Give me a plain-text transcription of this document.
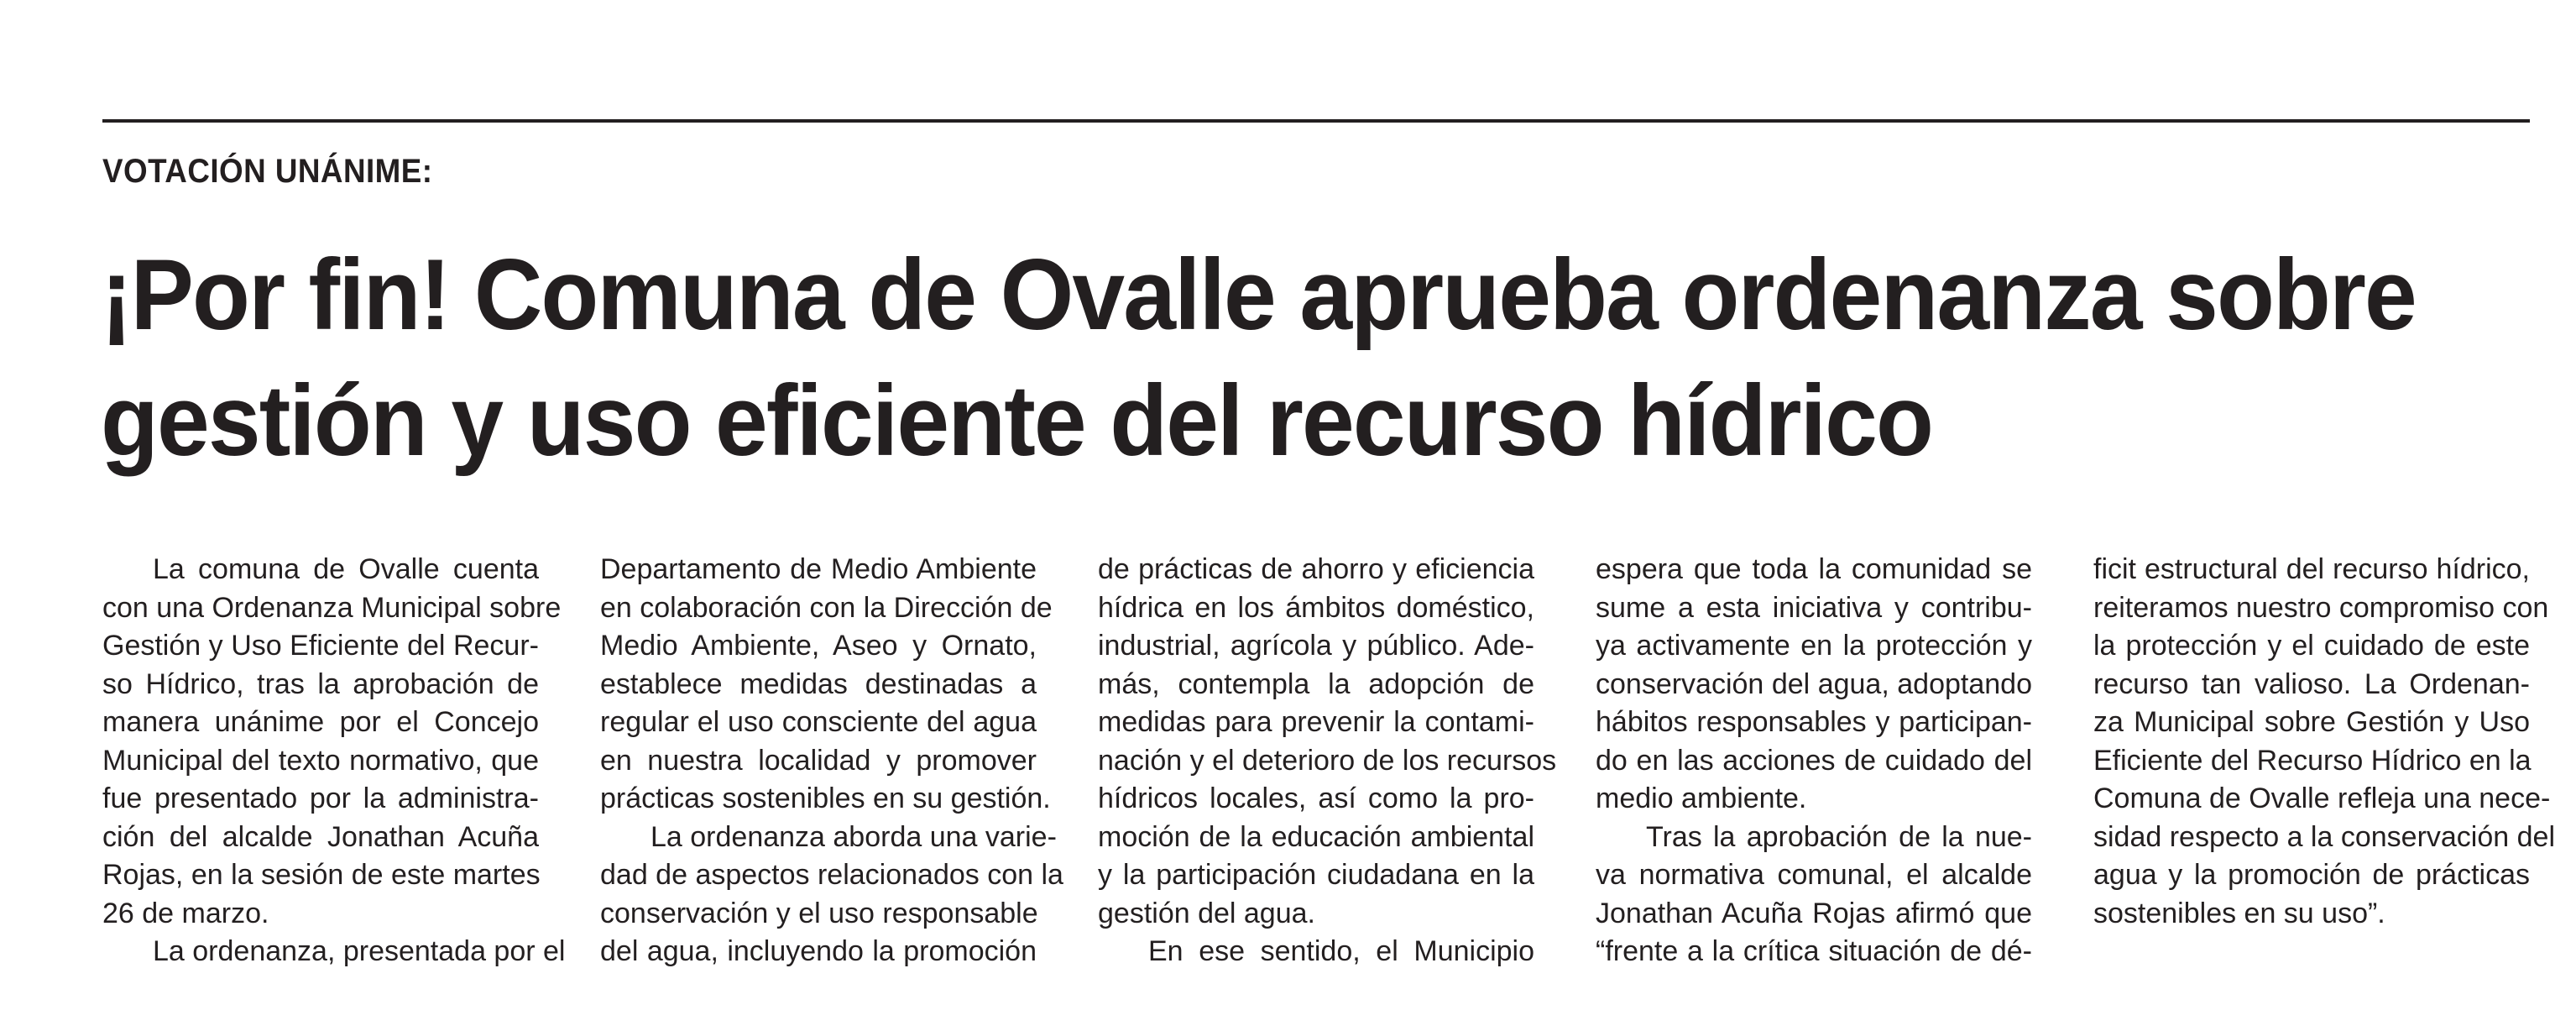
VOTACIÓN UNÁNIME:
¡Por fin! Comuna de Ovalle aprueba ordenanza sobre
gestión y uso eficiente del recurso hídrico
La comuna de Ovalle cuenta
con una Ordenanza Municipal sobre
Gestión y Uso Eficiente del Recur-
so Hídrico, tras la aprobación de
manera unánime por el Concejo
Municipal del texto normativo, que
fue presentado por la administra-
ción del alcalde Jonathan Acuña
Rojas, en la sesión de este martes
26 de marzo.
La ordenanza, presentada por el
Departamento de Medio Ambiente
en colaboración con la Dirección de
Medio Ambiente, Aseo y Ornato,
establece medidas destinadas a
regular el uso consciente del agua
en nuestra localidad y promover
prácticas sostenibles en su gestión.
La ordenanza aborda una varie-
dad de aspectos relacionados con la
conservación y el uso responsable
del agua, incluyendo la promoción
de prácticas de ahorro y eficiencia
hídrica en los ámbitos doméstico,
industrial, agrícola y público. Ade-
más, contempla la adopción de
medidas para prevenir la contami-
nación y el deterioro de los recursos
hídricos locales, así como la pro-
moción de la educación ambiental
y la participación ciudadana en la
gestión del agua.
En ese sentido, el Municipio
espera que toda la comunidad se
sume a esta iniciativa y contribu-
ya activamente en la protección y
conservación del agua, adoptando
hábitos responsables y participan-
do en las acciones de cuidado del
medio ambiente.
Tras la aprobación de la nue-
va normativa comunal, el alcalde
Jonathan Acuña Rojas afirmó que
“frente a la crítica situación de dé-
ficit estructural del recurso hídrico,
reiteramos nuestro compromiso con
la protección y el cuidado de este
recurso tan valioso. La Ordenan-
za Municipal sobre Gestión y Uso
Eficiente del Recurso Hídrico en la
Comuna de Ovalle refleja una nece-
sidad respecto a la conservación del
agua y la promoción de prácticas
sostenibles en su uso”.
